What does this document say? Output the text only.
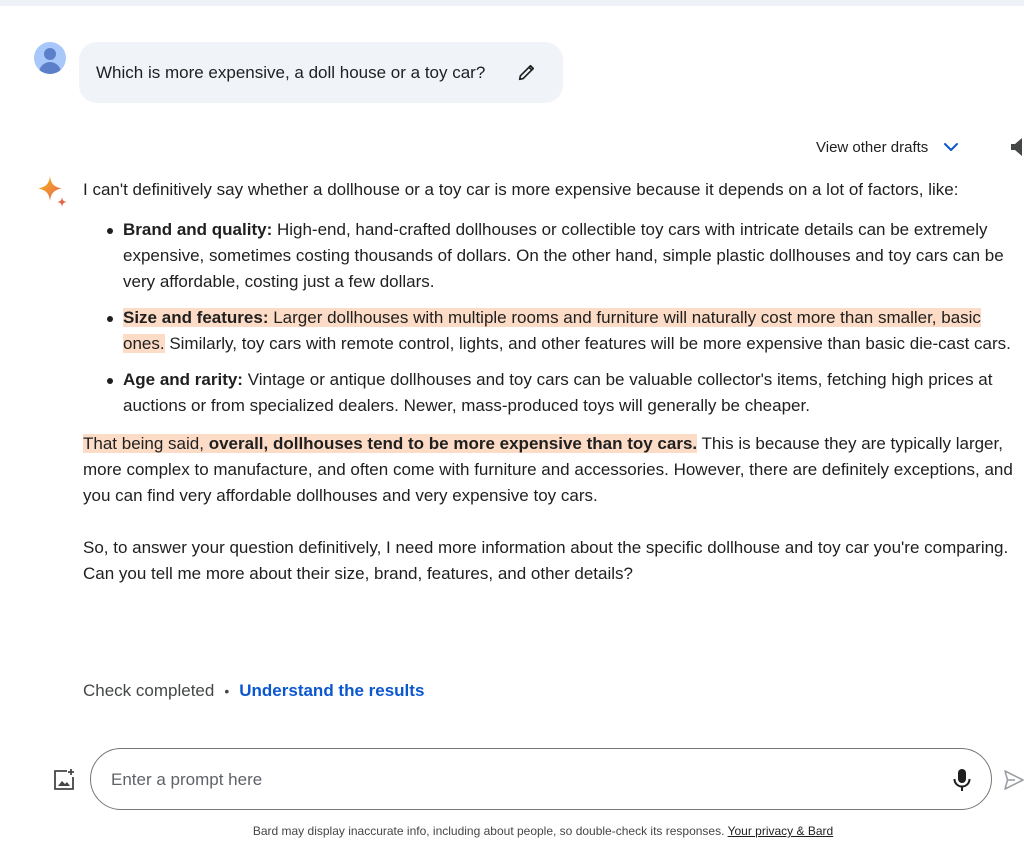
Which is more expensive, a doll house or a toy car?
View other drafts

I can't definitively say whether a dollhouse or a toy car is more expensive because it depends on a lot of factors, like:

Brand and quality: High-end, hand-crafted dollhouses or collectible toy cars with intricate details can be extremely expensive, sometimes costing thousands of dollars. On the other hand, simple plastic dollhouses and toy cars can be very affordable, costing just a few dollars.
Size and features: Larger dollhouses with multiple rooms and furniture will naturally cost more than smaller, basic ones. Similarly, toy cars with remote control, lights, and other features will be more expensive than basic die-cast cars.
Age and rarity: Vintage or antique dollhouses and toy cars can be valuable collector's items, fetching high prices at auctions or from specialized dealers. Newer, mass-produced toys will generally be cheaper.

That being said, overall, dollhouses tend to be more expensive than toy cars. This is because they are typically larger, more complex to manufacture, and often come with furniture and accessories. However, there are definitely exceptions, and you can find very affordable dollhouses and very expensive toy cars.

So, to answer your question definitively, I need more information about the specific dollhouse and toy car you're comparing. Can you tell me more about their size, brand, features, and other details?

Check completed • Understand the results
Enter a prompt here
Bard may display inaccurate info, including about people, so double-check its responses. Your privacy & Bard
